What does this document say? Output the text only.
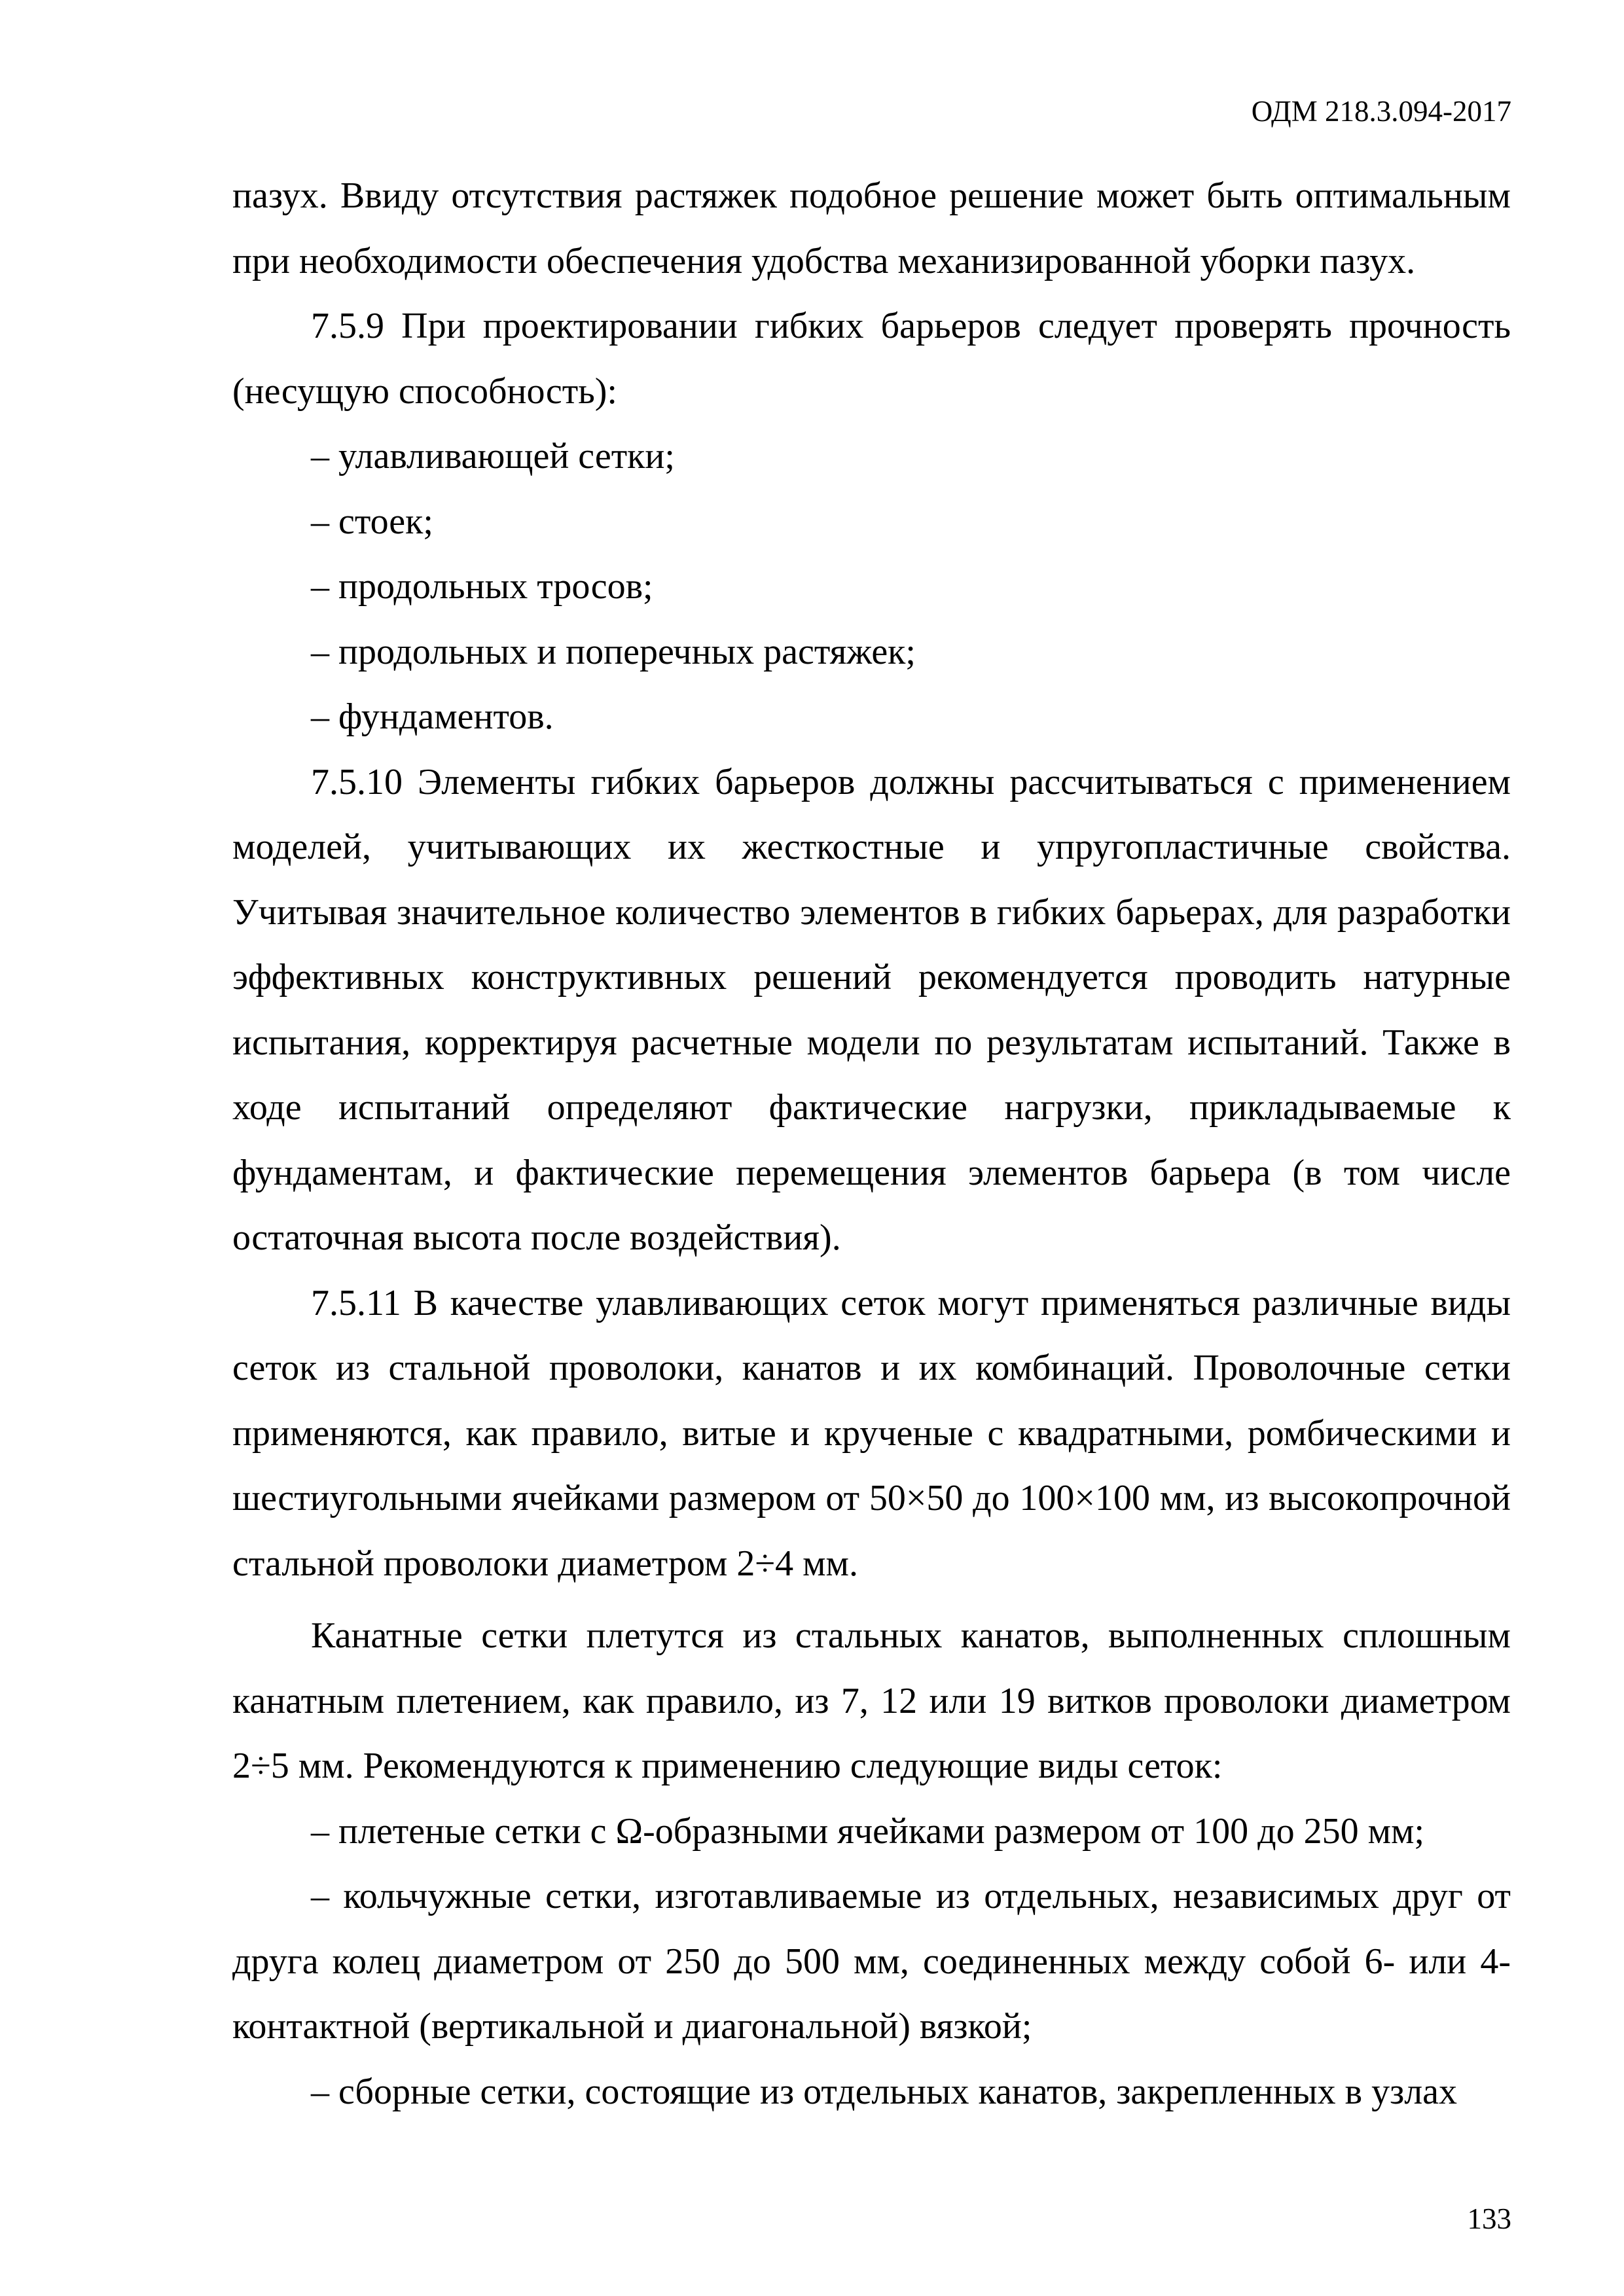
ОДМ 218.3.094-2017

пазух. Ввиду отсутствия растяжек подобное решение может быть оптимальным при необходимости обеспечения удобства механизированной уборки пазух.

7.5.9 При проектировании гибких барьеров следует проверять прочность (несущую способность):

– улавливающей сетки;

– стоек;

– продольных тросов;

– продольных и поперечных растяжек;

– фундаментов.

7.5.10 Элементы гибких барьеров должны рассчитываться с применением моделей, учитывающих их жесткостные и упругопластичные свойства. Учитывая значительное количество элементов в гибких барьерах, для разработки эффективных конструктивных решений рекомендуется проводить натурные испытания, корректируя расчетные модели по результатам испытаний. Также в ходе испытаний определяют фактические нагрузки, прикладываемые к фундаментам, и фактические перемещения элементов барьера (в том числе остаточная высота после воздействия).

7.5.11 В качестве улавливающих сеток могут применяться различные виды сеток из стальной проволоки, канатов и их комбинаций. Проволочные сетки применяются, как правило, витые и крученые с квадратными, ромбическими и шестиугольными ячейками размером от 50×50 до 100×100 мм, из высокопрочной стальной проволоки диаметром 2÷4 мм.

Канатные сетки плетутся из стальных канатов, выполненных сплошным канатным плетением, как правило, из 7, 12 или 19 витков проволоки диаметром 2÷5 мм. Рекомендуются к применению следующие виды сеток:

– плетеные сетки с Ω-образными ячейками размером от 100 до 250 мм;

– кольчужные сетки, изготавливаемые из отдельных, независимых друг от друга колец диаметром от 250 до 500 мм, соединенных между собой 6- или 4-контактной (вертикальной и диагональной) вязкой;

– сборные сетки, состоящие из отдельных канатов, закрепленных в узлах

133
